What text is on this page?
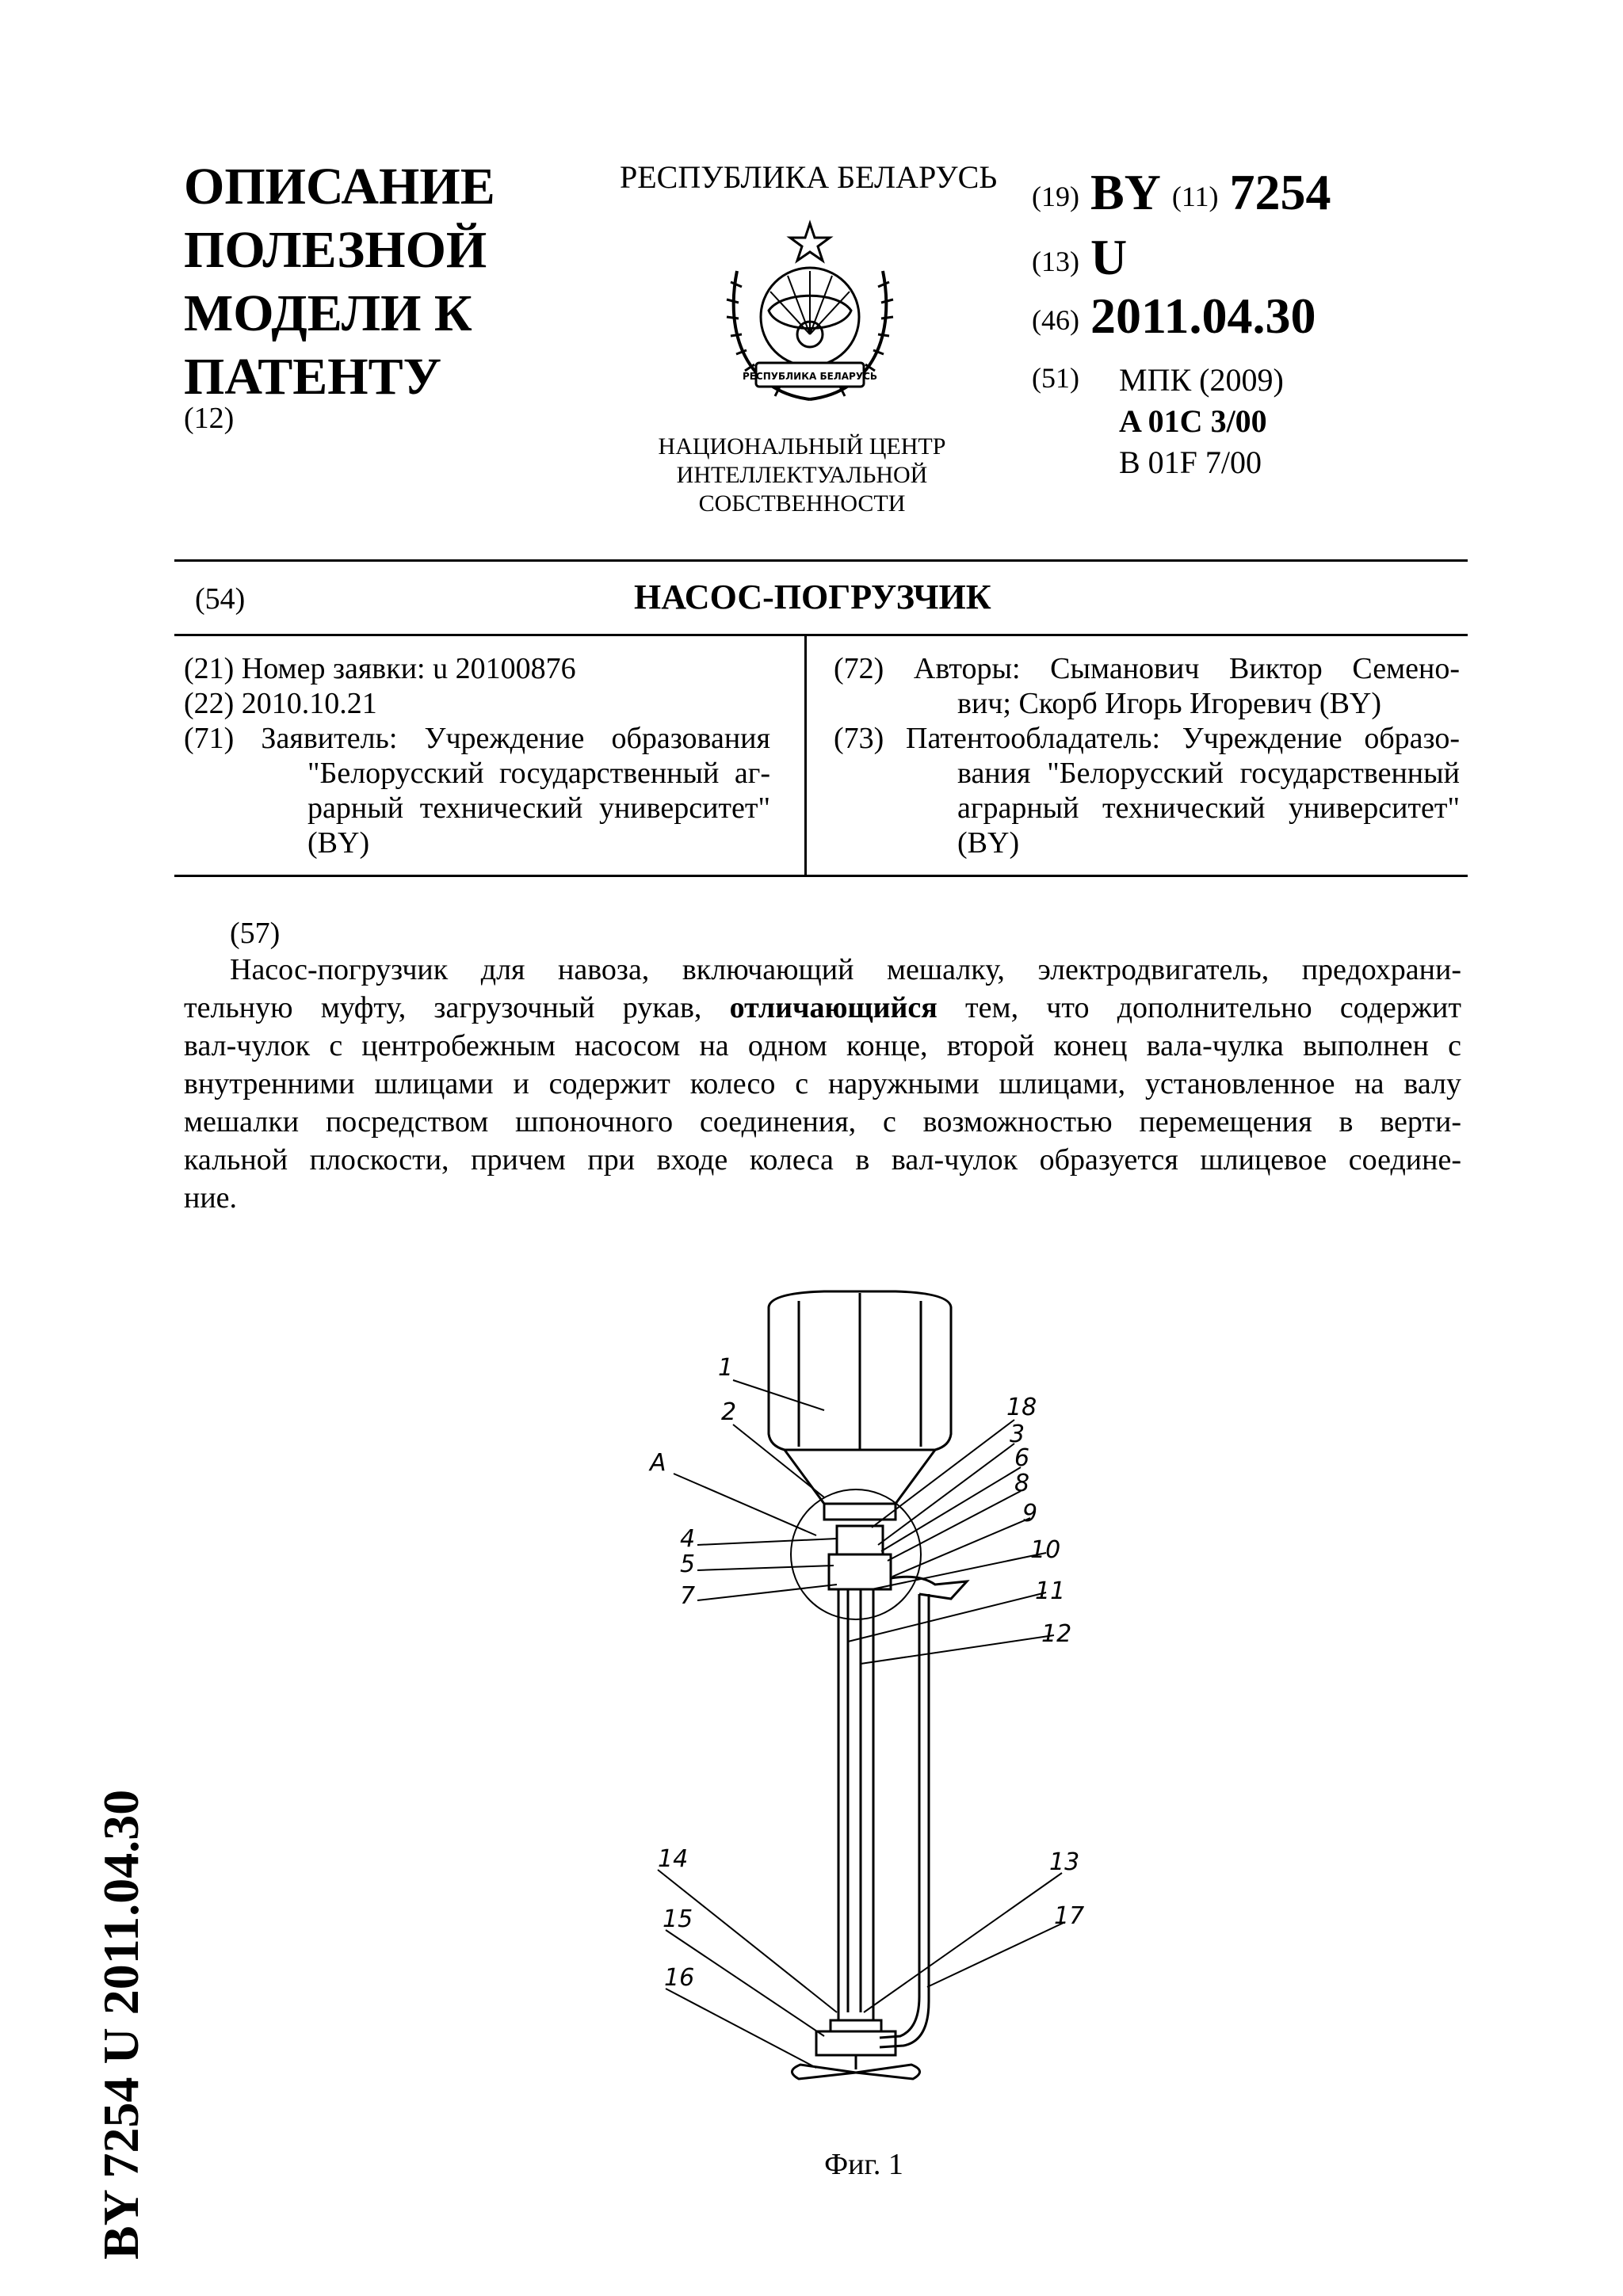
ОПИСАНИЕ
ПОЛЕЗНОЙ
МОДЕЛИ К
ПАТЕНТУ
(12)
РЕСПУБЛИКА БЕЛАРУСЬ
РЕСПУБЛИКА БЕЛАРУСЬ
НАЦИОНАЛЬНЫЙ ЦЕНТР
ИНТЕЛЛЕКТУАЛЬНОЙ
СОБСТВЕННОСТИ
(19) BY (11) 7254
(13) U
(46) 2011.04.30
(51) МПК (2009)
A 01C 3/00
B 01F 7/00
(54)	НАСОС-ПОГРУЗЧИК
(21) Номер заявки: u 20100876
(22) 2010.10.21
(71) Заявитель: Учреждение образования
"Белорусский государственный аг-
рарный технический университет"
(BY)
(72) Авторы: Сыманович Виктор Семено-
вич; Скорб Игорь Игоревич (BY)
(73) Патентообладатель: Учреждение образо-
вания "Белорусский государственный
аграрный технический университет"
(BY)
(57)
Насос-погрузчик для навоза, включающий мешалку, электродвигатель, предохрани-
тельную муфту, загрузочный рукав, отличающийся тем, что дополнительно содержит
вал-чулок с центробежным насосом на одном конце, второй конец вала-чулка выполнен с
внутренними шлицами и содержит колесо с наружными шлицами, установленное на валу
мешалки посредством шпоночного соединения, с возможностью перемещения в верти-
кальной плоскости, причем при входе колеса в вал-чулок образуется шлицевое соедине-
ние.
1
2
A
18
3
6
4
8
5
9
7
10
11
12
14	13
15	17
16
Фиг. 1
BY 7254 U 2011.04.30
